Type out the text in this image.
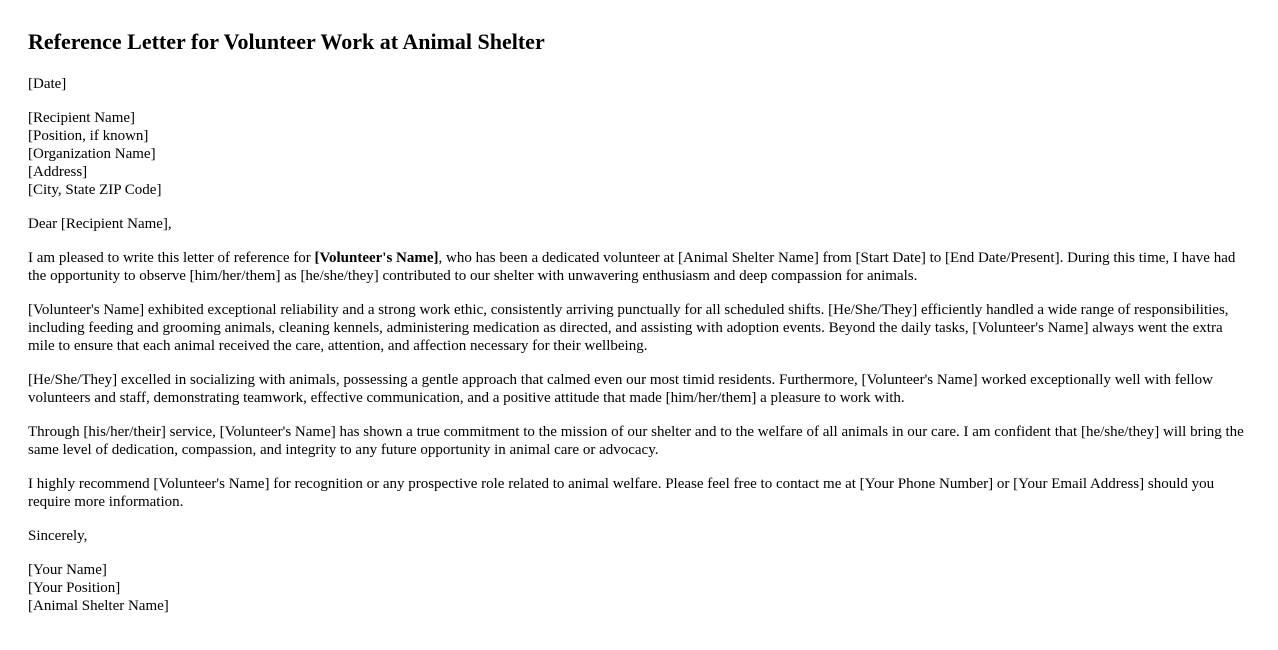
Reference Letter for Volunteer Work at Animal Shelter

[Date]

[Recipient Name]
[Position, if known]
[Organization Name]
[Address]
[City, State ZIP Code]

Dear [Recipient Name],

I am pleased to write this letter of reference for [Volunteer's Name], who has been a dedicated volunteer at [Animal Shelter Name] from [Start Date] to [End Date/Present]. During this time, I have had the opportunity to observe [him/her/them] as [he/she/they] contributed to our shelter with unwavering enthusiasm and deep compassion for animals.

[Volunteer's Name] exhibited exceptional reliability and a strong work ethic, consistently arriving punctually for all scheduled shifts. [He/She/They] efficiently handled a wide range of responsibilities, including feeding and grooming animals, cleaning kennels, administering medication as directed, and assisting with adoption events. Beyond the daily tasks, [Volunteer's Name] always went the extra mile to ensure that each animal received the care, attention, and affection necessary for their wellbeing.

[He/She/They] excelled in socializing with animals, possessing a gentle approach that calmed even our most timid residents. Furthermore, [Volunteer's Name] worked exceptionally well with fellow volunteers and staff, demonstrating teamwork, effective communication, and a positive attitude that made [him/her/them] a pleasure to work with.

Through [his/her/their] service, [Volunteer's Name] has shown a true commitment to the mission of our shelter and to the welfare of all animals in our care. I am confident that [he/she/they] will bring the same level of dedication, compassion, and integrity to any future opportunity in animal care or advocacy.

I highly recommend [Volunteer's Name] for recognition or any prospective role related to animal welfare. Please feel free to contact me at [Your Phone Number] or [Your Email Address] should you require more information.

Sincerely,

[Your Name]
[Your Position]
[Animal Shelter Name]
